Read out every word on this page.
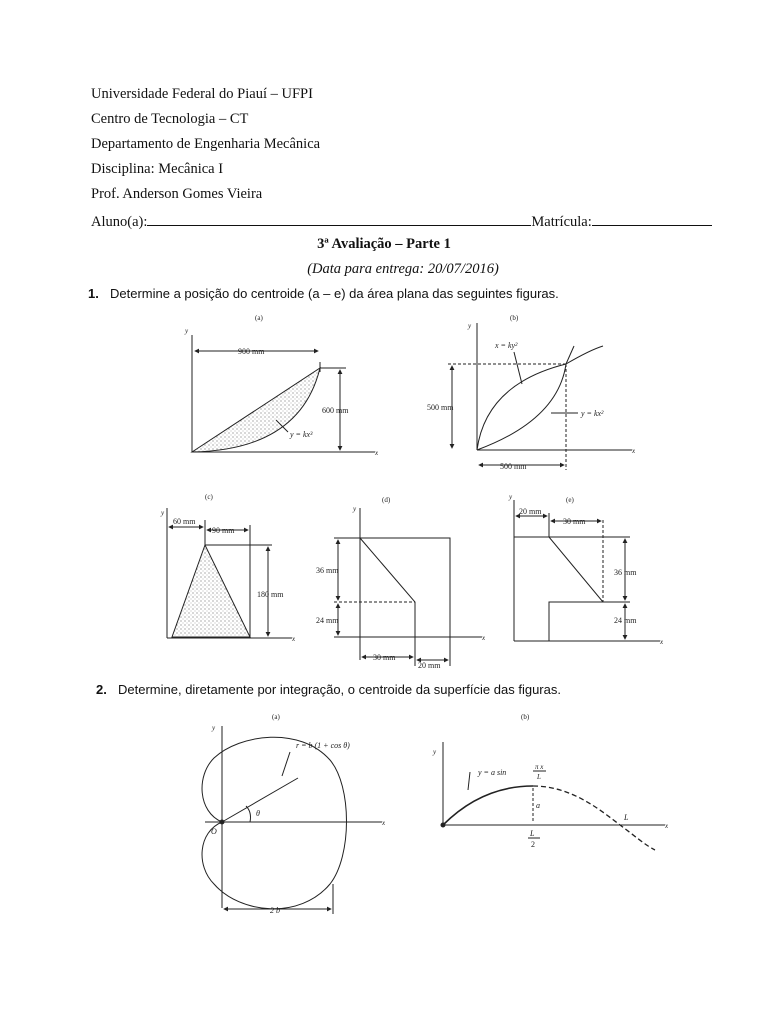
Universidade Federal do Piauí – UFPI
Centro de Tecnologia – CT
Departamento de Engenharia Mecânica
Disciplina: Mecânica I
Prof. Anderson Gomes Vieira
Aluno(a):	Matrícula:
3ª Avaliação – Parte 1
(Data para entrega: 20/07/2016)
1. Determine a posição do centroide (a – e) da área plana das seguintes figuras.
(a)
y
x
900 mm
600 mm
y = kx³
(b)
y
x
500 mm
500 mm
x = ky²
y = kx²
(c)
y
x
60 mm
90 mm
180 mm
(d)
y
x
36 mm
24 mm
30 mm
20 mm
(e)
y
x
20 mm
30 mm
36 mm
24 mm
(a)
y
x
r = b (1 + cos θ)
θ
O
2 b
(b)
y
x
a
L
2
L
y = a sin
π x
L
2. Determine, diretamente por integração, o centroide da superfície das figuras.
